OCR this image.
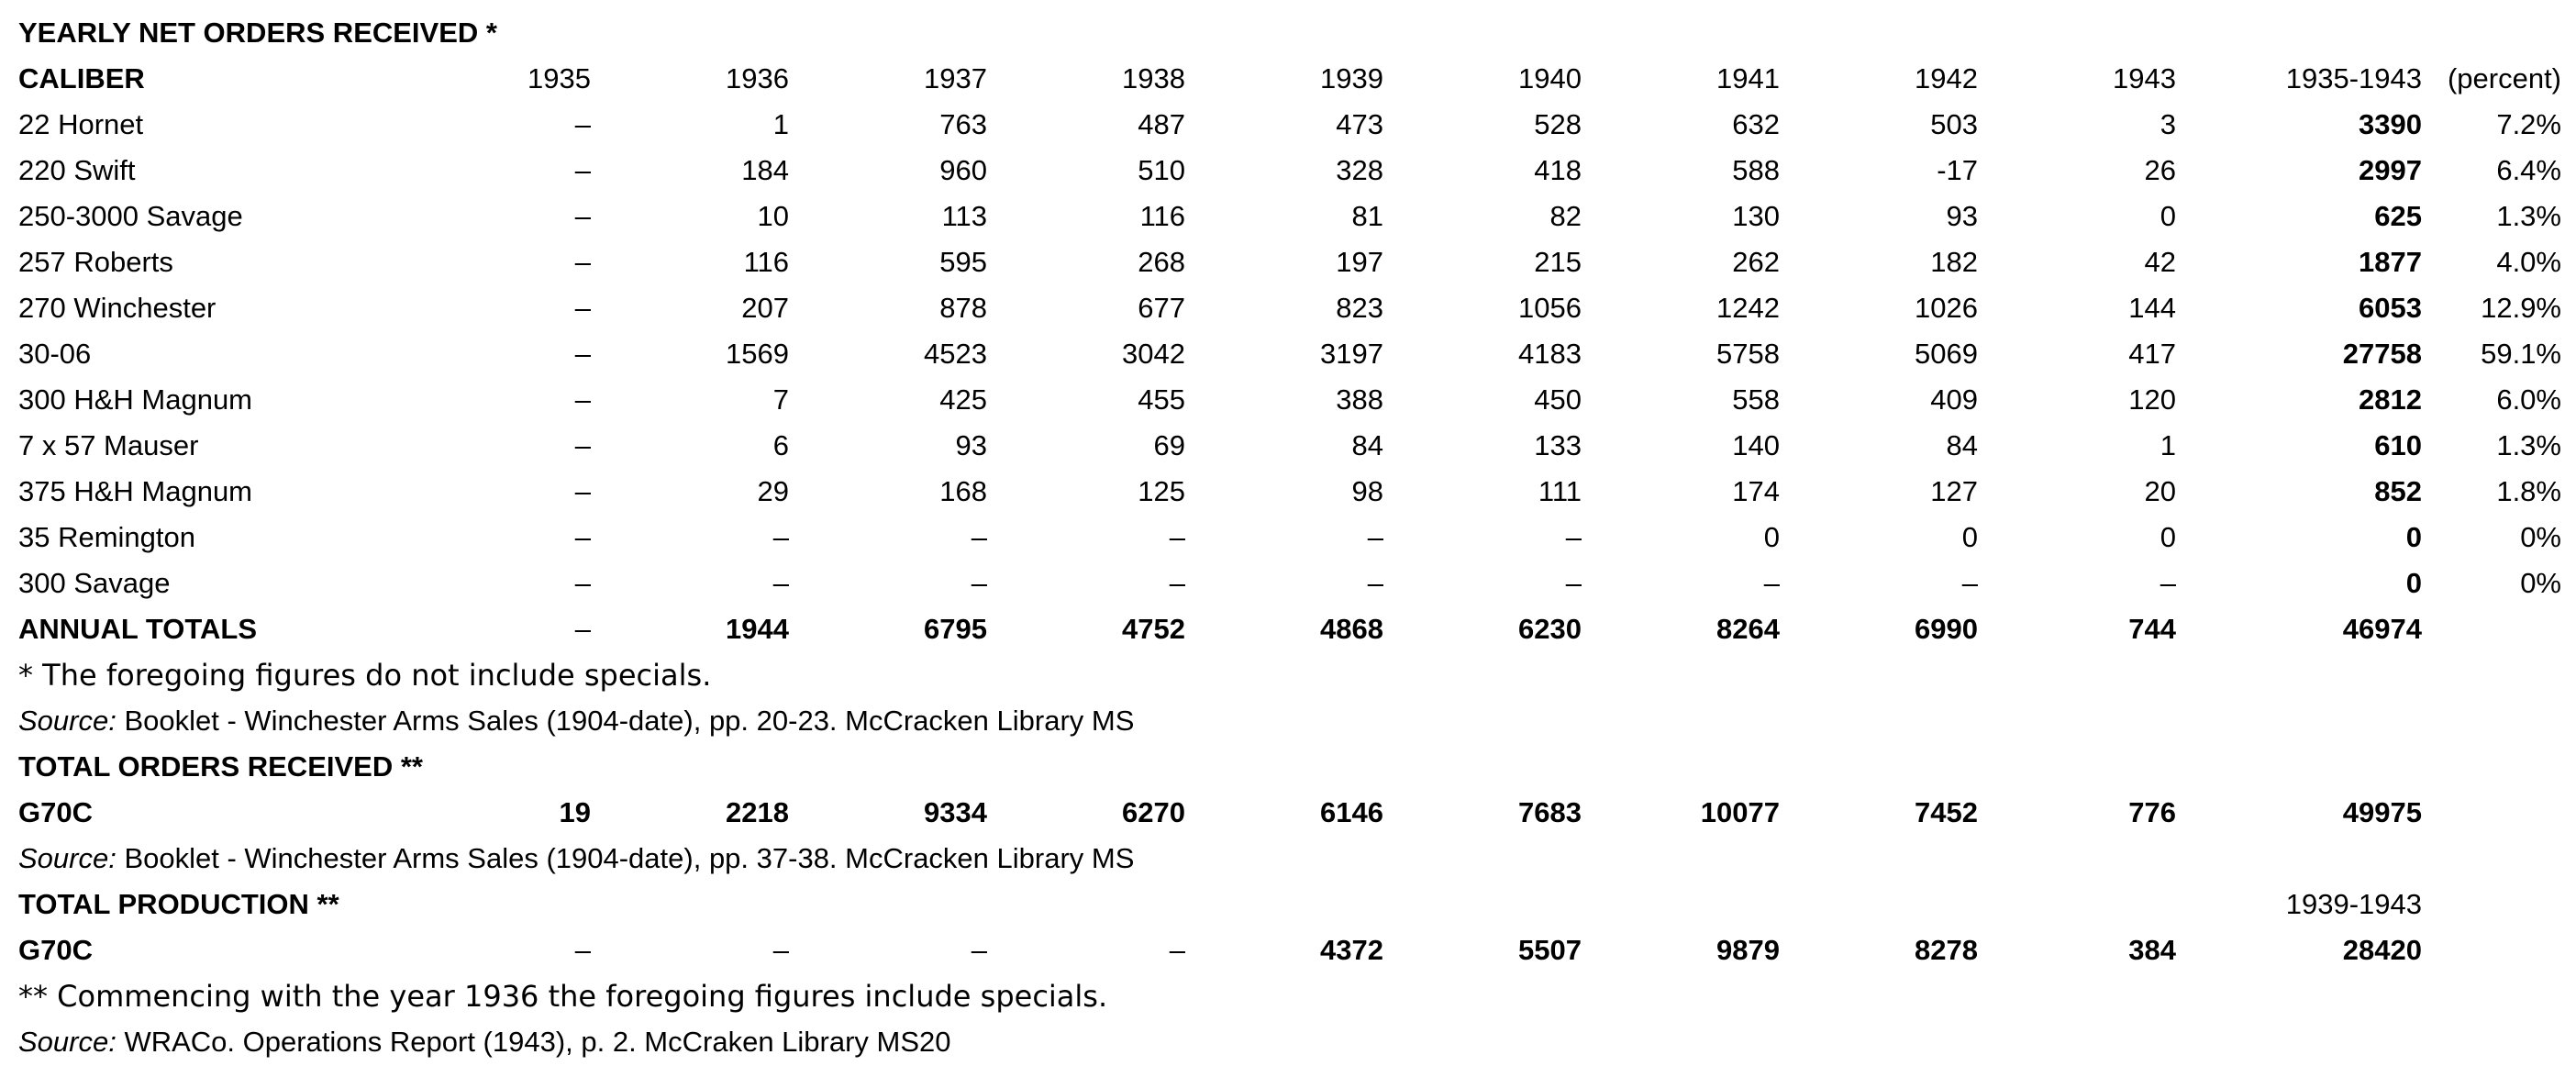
YEARLY NET ORDERS RECEIVED *
CALIBER	1935	1936	1937	1938	1939	1940	1941	1942	1943	1935-1943 (percent)
22 Hornet	–	1	763	487	473	528	632	503	3	3390	7.2%
220 Swift	–	184	960	510	328	418	588	-17	26	2997	6.4%
250-3000 Savage	–	10	113	116	81	82	130	93	0	625	1.3%
257 Roberts	–	116	595	268	197	215	262	182	42	1877	4.0%
270 Winchester	–	207	878	677	823	1056	1242	1026	144	6053 12.9%
30-06	–	1569	4523	3042	3197	4183	5758	5069	417	27758 59.1%
300 H&H Magnum	–	7	425	455	388	450	558	409	120	2812	6.0%
7 x 57 Mauser	–	6	93	69	84	133	140	84	1	610	1.3%
375 H&H Magnum	–	29	168	125	98	111	174	127	20	852	1.8%
35 Remington	–	–	–	–	–	–	0	0	0	0	0%
300 Savage	–	–	–	–	–	–	–	–	–	0	0%
ANNUAL TOTALS	–	1944	6795	4752	4868	6230	8264	6990	744	46974
* The foregoing figures do not include specials.
Source: Booklet - Winchester Arms Sales (1904-date), pp. 20-23. McCracken Library MS
TOTAL ORDERS RECEIVED **
G70C	19	2218	9334	6270	6146	7683	10077	7452	776	49975
Source: Booklet - Winchester Arms Sales (1904-date), pp. 37-38. McCracken Library MS
TOTAL PRODUCTION **	1939-1943
G70C	–	–	–	–	4372	5507	9879	8278	384	28420
** Commencing with the year 1936 the foregoing figures include specials.
Source: WRACo. Operations Report (1943), p. 2. McCraken Library MS20
